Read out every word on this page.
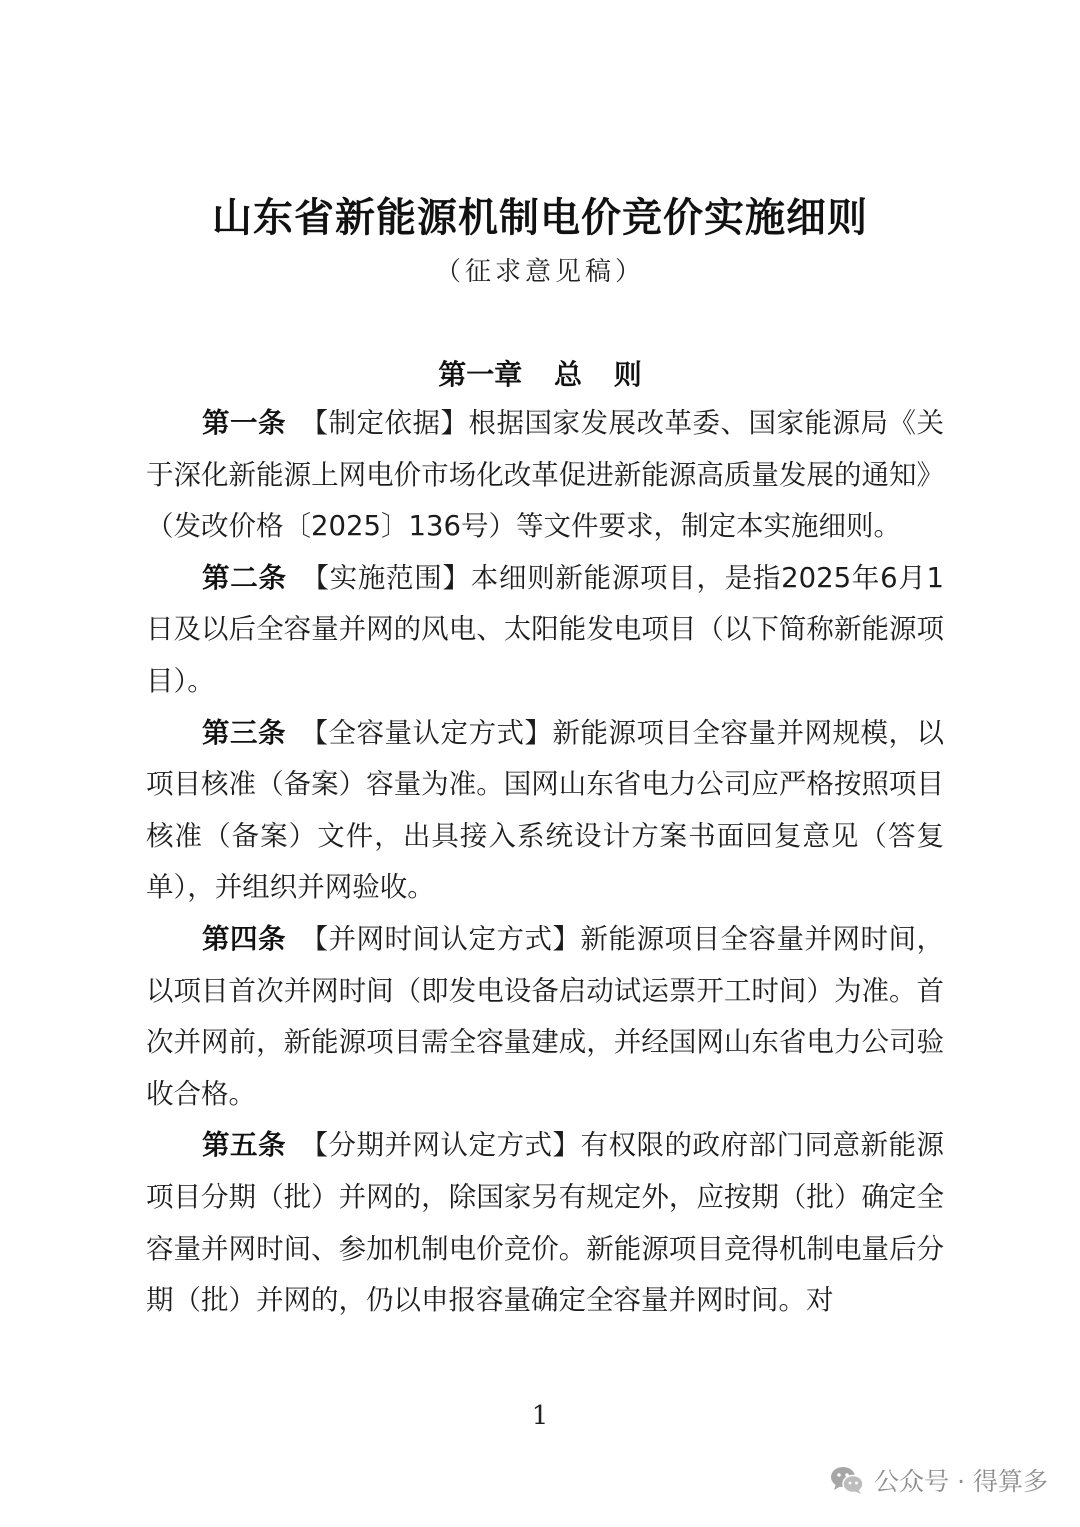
山东省新能源机制电价竞价实施细则
（征求意见稿）
第一章 总 则

第一条 【制定依据】根据国家发展改革委、国家能源局《关于深化新能源上网电价市场化改革促进新能源高质量发展的通知》（发改价格〔2025〕136号）等文件要求，制定本实施细则。

第二条 【实施范围】本细则新能源项目，是指2025年6月1日及以后全容量并网的风电、太阳能发电项目（以下简称新能源项目）。

第三条 【全容量认定方式】新能源项目全容量并网规模，以项目核准（备案）容量为准。国网山东省电力公司应严格按照项目核准（备案）文件，出具接入系统设计方案书面回复意见（答复单），并组织并网验收。

第四条 【并网时间认定方式】新能源项目全容量并网时间，以项目首次并网时间（即发电设备启动试运票开工时间）为准。首次并网前，新能源项目需全容量建成，并经国网山东省电力公司验收合格。

第五条 【分期并网认定方式】有权限的政府部门同意新能源项目分期（批）并网的，除国家另有规定外，应按期（批）确定全容量并网时间、参加机制电价竞价。新能源项目竞得机制电量后分期（批）并网的，仍以申报容量确定全容量并网时间。对

1
公众号 · 得算多
